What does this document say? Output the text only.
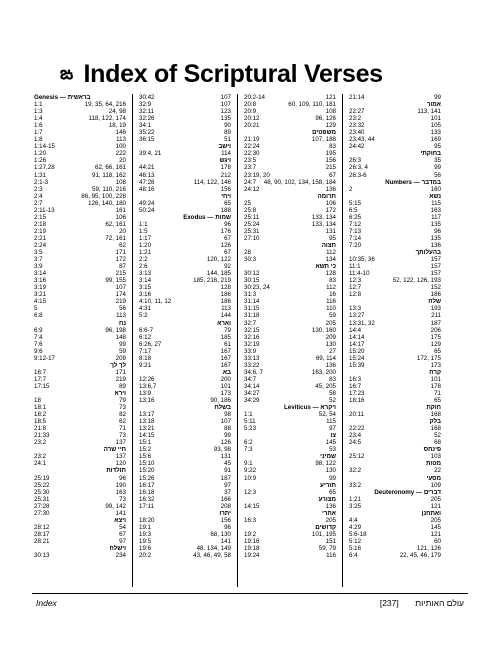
ఙ Index of Scriptural Verses
Genesis — בראשית
1:1	19, 35, 64, 216
1:3	24, 98
1:4	118, 122, 174
1:6	18, 19
1:7	146
1:8	113
1:14-15	100
1:20	222
1:26	20
1:27,28	62, 66, 161
1:31	91, 118, 162
2:1-3	108
2:3	59, 110, 216
2:4	86, 95, 100, 228
2:7	126, 140, 180
2:11-13	161
2:15	106
2:18	62, 161
2:19	20
2:21	72, 161
2:24	62
3:5	171
3:7	172
3:9	87
3:14	215
3:16	99, 155
3:19	107
3:21	174
4:15	219
5	56
6:8	113
נח
6:9	96, 198
7:4	148
7:6	99
9:6	59
9:12-17	209
לך לך
16:7	171
17:7	219
17:15	89
וירא
18	79
18:1	73
18:2	82
18:5	62
21:8	71
21:33	73
23:2	137
חיי שרה
23:2	137
24:1	120
תולדות
25:19	96
25:22	190
25:30	163
25:31	73
27:28	99, 142
27:30	141
ויצא
28:12	54
28:17	67
28:21	97
וישלח
30:13	234
30:42	107
32:9	107
32:11	123
32:26	135
34:1	90
35:22	89
36:15	51
וישב
39:4, 21	114
ויגש
44:21	178
46:13	212
47:28	114, 122, 146
48:16	156
ויחי
49:24	65
50:24	188
Exodus — שמות
1:1	96
1:5	176
1:17	67
1:20	126
1:21	67
2:2	120, 122
2:6	92
3:13	144, 185
3:14	185, 216, 219
3:15	128
3:16	186
4:10, 11, 12	186
4:31	113
5:2	144
וארא
6:6-7	79
6:12	185
6:26, 27	61
7:17	167
8:18	167
9:21	167
בא
12:26	200
13:6,7	101
13:9	173
13:16	90, 186
בשלח
13:17	98
13:18	107
13:21	88
14:15	99
15:1	126
15:2	93, 98
15:6	131
15:10	45
15:20	91
15:26	187
16:17	97
16:18	37
16:32	166
17:11	208
יתרו
18:20	156
19:1	96
19:3	68, 130
19:5	141
19:6	48, 134, 149
20:2	43, 46, 49, 58
20:2-14	121
20:8	60, 109, 110, 181
20:9	108
20:12	96, 126
20:21	129
משפטים
21:19	107, 188
22:24	83
22:30	195
23:5	156
23:7	215
23:19, 20	67
24:7 48, 90, 102, 134, 158, 184
24:12	136
תרומה
25	106
25:8	172
25:11	133, 134
25:24	133, 134
25:31	131
27:10	95
תצוה
28	112
30:3	134
כי תשא
30:12	128
30:15	83
30:23, 24	112
31:3	16
31:14	116
31:15	110
31:18	59
32:7	205
32:15	130, 160
32:16	209
32:19	130
33:9	27
33:13	69, 114
33:22	136
34:6, 7	163, 200
34:7	83
34:14	45, 205
34:27	58
34:29	52
Leviticus — ויקרא
1:1	52, 54
5:11	115
5:23	97
צו
6:2	145
7:3	53
שמיני
9:1	98, 122
9:22	130
10:9	99
תזריע
12:3	65
מצורע
14:15	136
אחרי
16:3	205
קדושים
19:2	101, 195
19:16	151
19:18	59, 79
19:24	116
21:14	99
אמור
22:27	113, 141
23:2	101
23:32	105
23:40	133
23:43, 44	169
24:42	95
בחוקתי
26:3	35
26:3, 4	99
26:3-6	56
Numbers — במדבר
2	160
נשא
5:15	115
6:5	163
6:25	117
7:12	135
7:13	96
7:14	135
7:20	136
בהעלותך
10:35, 36	157
11:1	157
11:4-10	157
12:3	52, 122, 126, 193
12:7	152
12:8	186
שלח
13:3	193
13:27	211
13:31, 32	187
14:4	206
14:14	175
14:17	129
15:20	65
15:24	172, 175
15:39	173
קרח
16:3	101
16:7	178
17:23	71
18:16	65
חוקת
20:11	168
בלק
22:22	168
23:4	52
24:5	68
פינחס
25:12	103
מטות
32:2	22
מסעי
33:2	109
Deuteronomy — דברים
1:21	205
3:25	121
ואתחנן
4:4	205
4:29	145
5:6-18	121
5:12	60
5:16	121, 126
6:4	22, 45, 46, 179
Index	עולם האותיות       [237]
